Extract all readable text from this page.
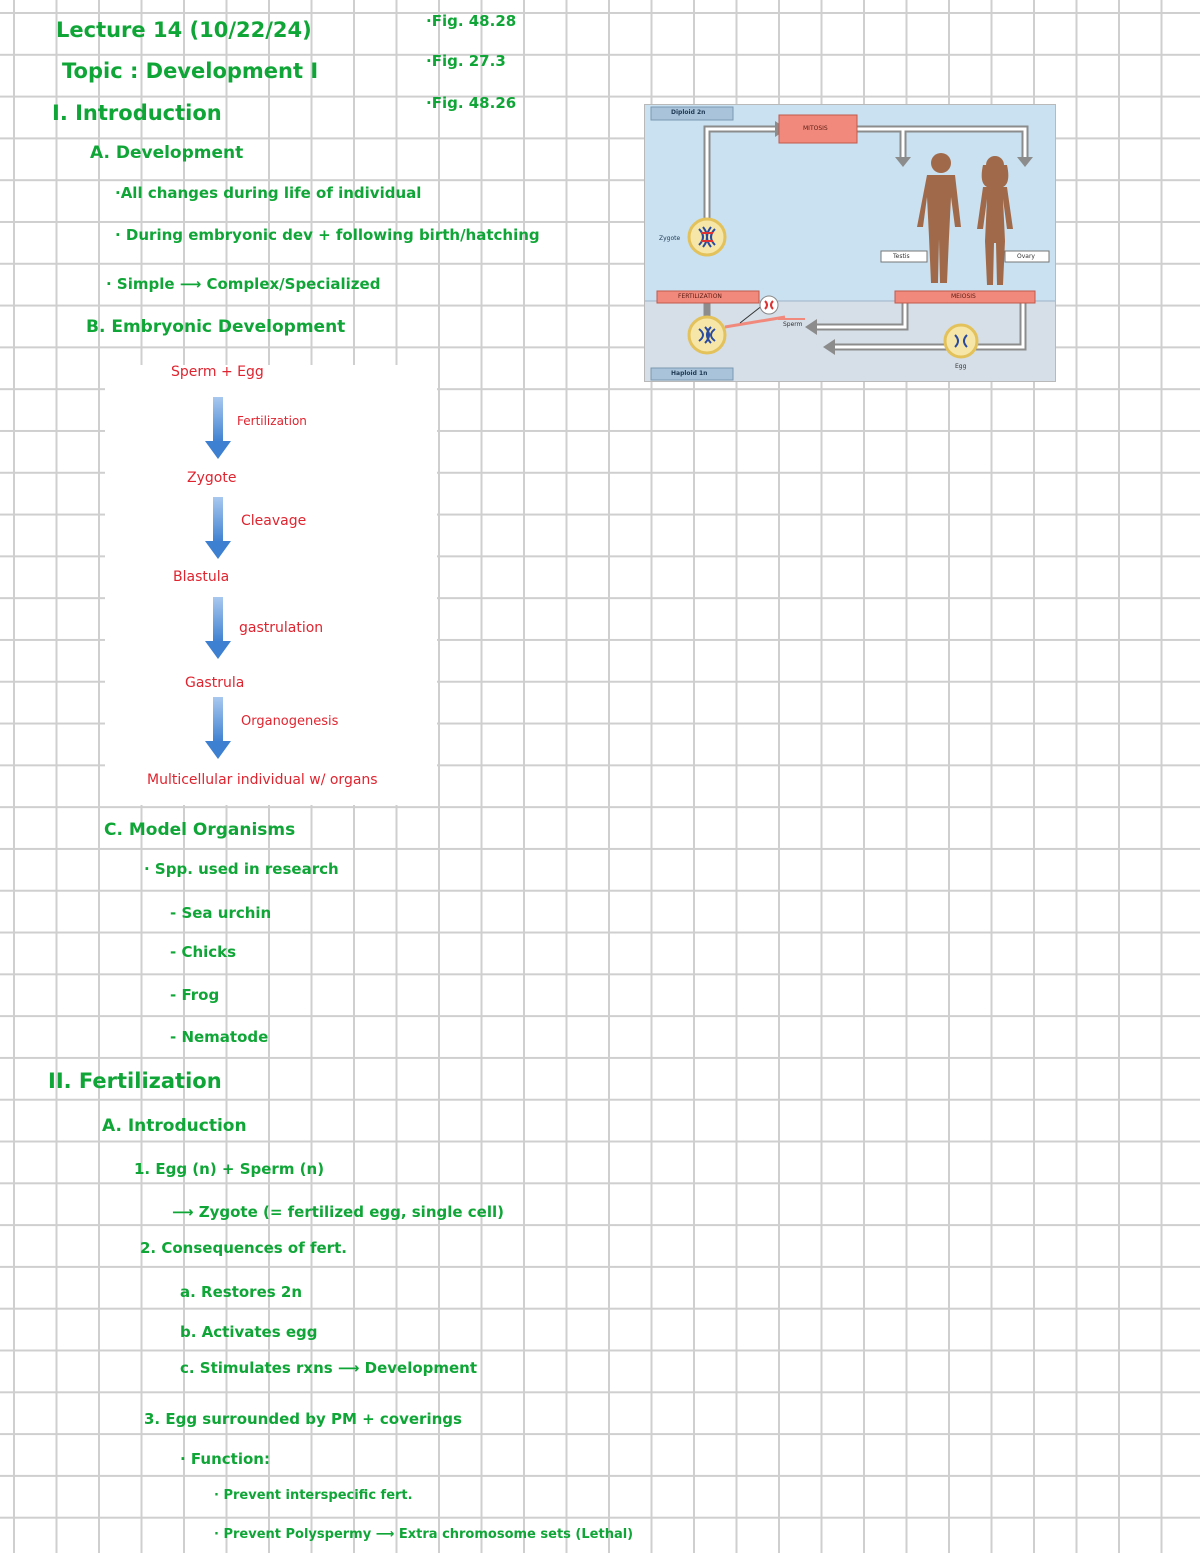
Lecture 14 (10/22/24)
Topic : Development I
·Fig. 48.28
·Fig. 27.3
·Fig. 48.26
I. Introduction
A. Development
·All changes during life of individual
· During embryonic dev + following birth/hatching
· Simple ⟶ Complex/Specialized
B. Embryonic Development
Sperm + Egg
Fertilization
Zygote
Cleavage
Blastula
gastrulation
Gastrula
Organogenesis
Multicellular individual w/ organs
C. Model Organisms
· Spp. used in research
- Sea urchin
- Chicks
- Frog
- Nematode
II. Fertilization
A. Introduction
1. Egg (n) + Sperm (n)
⟶ Zygote (= fertilized egg, single cell)
2. Consequences of fert.
a. Restores 2n
b. Activates egg
c. Stimulates rxns ⟶ Development
3. Egg surrounded by PM + coverings
· Function:
· Prevent interspecific fert.
· Prevent Polyspermy ⟶ Extra chromosome sets (Lethal)
Diploid 2n
Haploid 1n
MITOSIS
FERTILIZATION	MEIOSIS
Zygote
Testis	Ovary
Sperm
Egg
